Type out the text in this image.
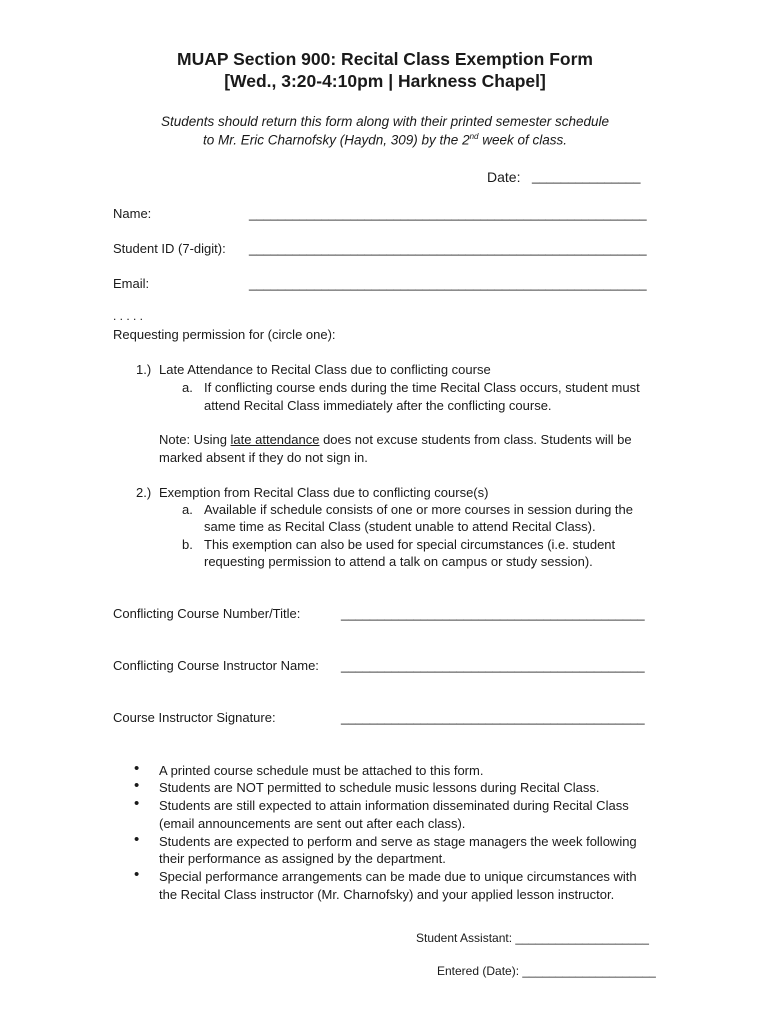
MUAP Section 900: Recital Class Exemption Form
[Wed., 3:20-4:10pm | Harkness Chapel]
Students should return this form along with their printed semester schedule
to Mr. Eric Charnofsky (Haydn, 309) by the 2nd week of class.
Date: _______________
Name:	_______________________________________________________
Student ID (7-digit): _______________________________________________________
Email:	_______________________________________________________
. . . . .
Requesting permission for (circle one):
1.) Late Attendance to Recital Class due to conflicting course
a. If conflicting course ends during the time Recital Class occurs, student must
attend Recital Class immediately after the conflicting course.
Note: Using late attendance does not excuse students from class. Students will be
marked absent if they do not sign in.
2.) Exemption from Recital Class due to conflicting course(s)
a. Available if schedule consists of one or more courses in session during the
same time as Recital Class (student unable to attend Recital Class).
b. This exemption can also be used for special circumstances (i.e. student
requesting permission to attend a talk on campus or study session).
Conflicting Course Number/Title:	__________________________________________
Conflicting Course Instructor Name: __________________________________________
Course Instructor Signature:	__________________________________________
• A printed course schedule must be attached to this form.
• Students are NOT permitted to schedule music lessons during Recital Class.
• Students are still expected to attain information disseminated during Recital Class
(email announcements are sent out after each class).
• Students are expected to perform and serve as stage managers the week following
their performance as assigned by the department.
• Special performance arrangements can be made due to unique circumstances with
the Recital Class instructor (Mr. Charnofsky) and your applied lesson instructor.
Student Assistant: ____________________
Entered (Date): ____________________
